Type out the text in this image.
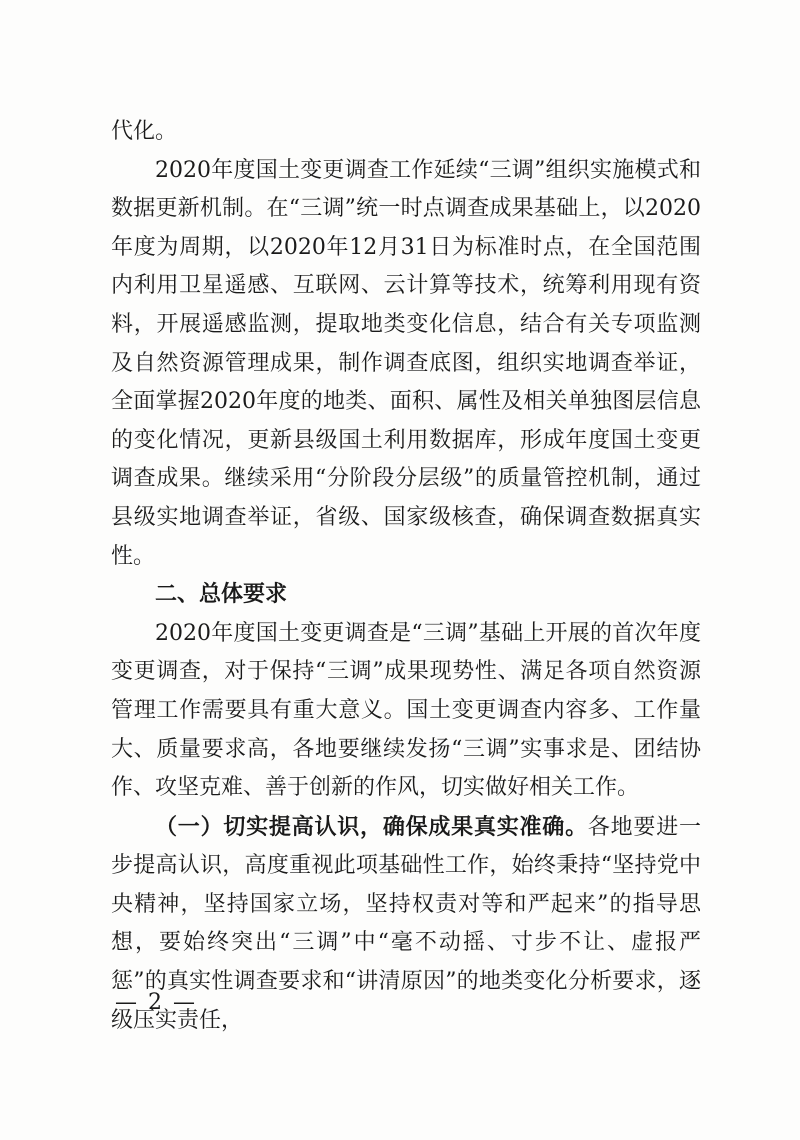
代化。

2020年度国土变更调查工作延续“三调”组织实施模式和数据更新机制。在“三调”统一时点调查成果基础上，以2020年度为周期，以2020年12月31日为标准时点，在全国范围内利用卫星遥感、互联网、云计算等技术，统筹利用现有资料，开展遥感监测，提取地类变化信息，结合有关专项监测及自然资源管理成果，制作调查底图，组织实地调查举证，全面掌握2020年度的地类、面积、属性及相关单独图层信息的变化情况，更新县级国土利用数据库，形成年度国土变更调查成果。继续采用“分阶段分层级”的质量管控机制，通过县级实地调查举证，省级、国家级核查，确保调查数据真实性。

二、总体要求

2020年度国土变更调查是“三调”基础上开展的首次年度变更调查，对于保持“三调”成果现势性、满足各项自然资源管理工作需要具有重大意义。国土变更调查内容多、工作量大、质量要求高，各地要继续发扬“三调”实事求是、团结协作、攻坚克难、善于创新的作风，切实做好相关工作。

（一）切实提高认识，确保成果真实准确。各地要进一步提高认识，高度重视此项基础性工作，始终秉持“坚持党中央精神，坚持国家立场，坚持权责对等和严起来”的指导思想，要始终突出“三调”中“毫不动摇、寸步不让、虚报严惩”的真实性调查要求和“讲清原因”的地类变化分析要求，逐级压实责任，

— 2 —
